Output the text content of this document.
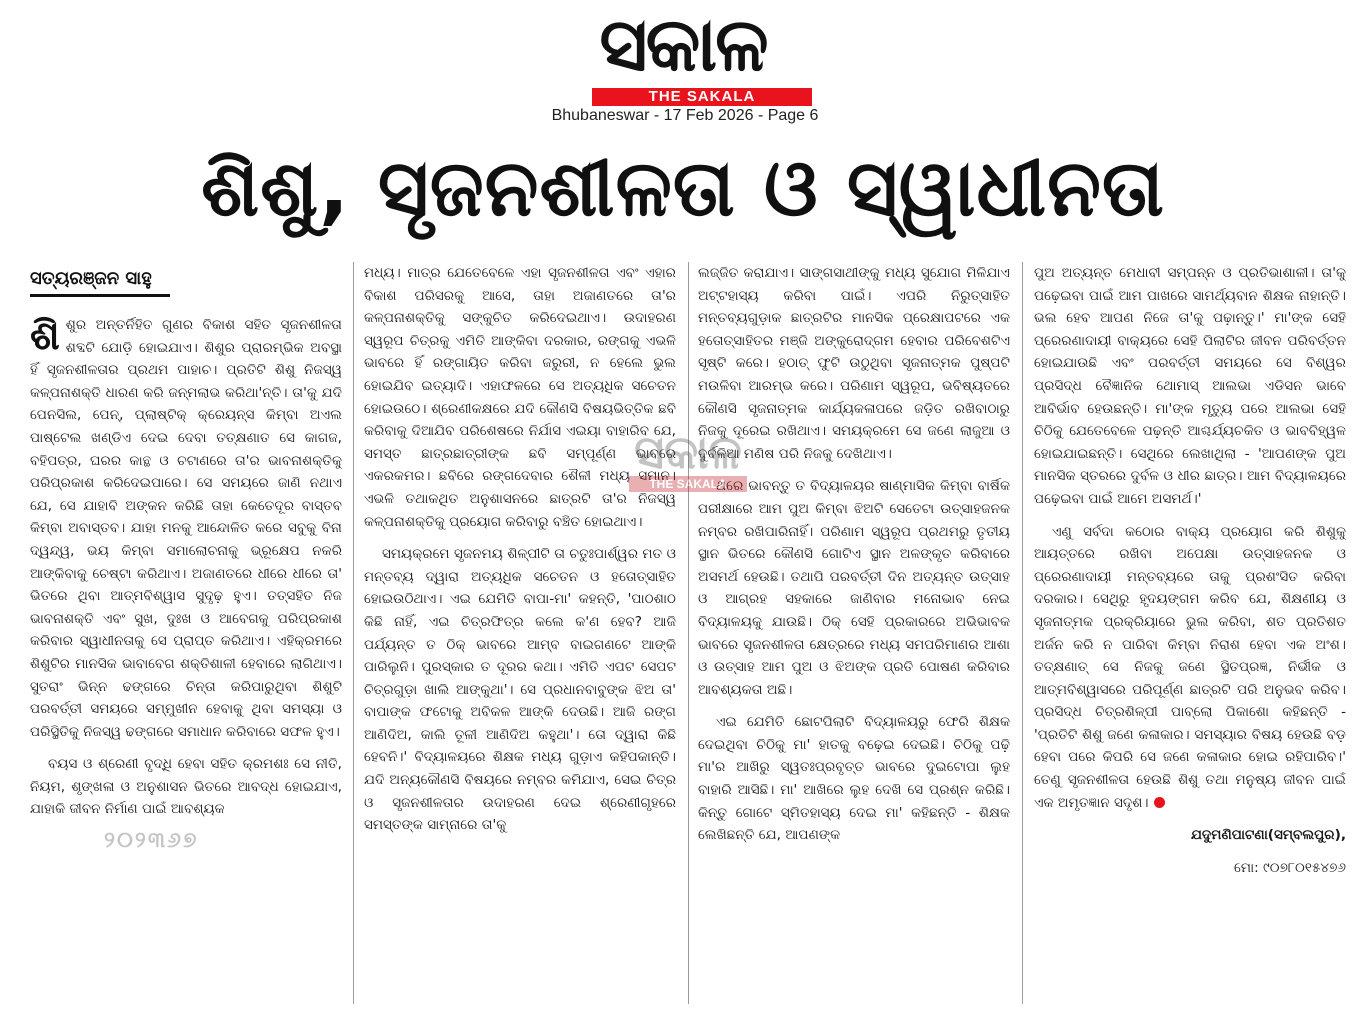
ସକାଳ
THE SAKALA
Bhubaneswar - 17 Feb 2026 - Page 6
ଶିଶୁ, ସୃଜନଶୀଳତା ଓ ସ୍ୱାଧୀନତା
ସତ୍ୟରଞ୍ଜନ ସାହୁ

ଶିଶୁର ଅନ୍ତର୍ନିହିତ ଗୁଣର ବିକାଶ ସହିତ ସୃଜନଶୀଳତା ଶବ୍ଦଟି ଯୋଡ଼ି ହୋଇଯାଏ। ଶିଶୁର ପ୍ରାରମ୍ଭିକ ଅବସ୍ଥା ହିଁ ସୃଜନଶୀଳତାର ପ୍ରଥମ ପାହାଚ। ପ୍ରତିଟି ଶିଶୁ ନିଜସ୍ୱ କଳ୍ପନାଶକ୍ତି ଧାରଣ କରି ଜନ୍ମଲାଭ କରିଥା'ନ୍ତି। ତା'କୁ ଯଦି ପେନସିଲ, ପେନ୍, ପ୍ଲାଷ୍ଟିକ୍ କ୍ରେୟନ୍ସ କିମ୍ବା ଅଏଲ ପାଷ୍ଟେଲ ଖଣ୍ଡିଏ ଦେଇ ଦେବା ତତ୍‌କ୍ଷଣାତ ସେ କାଗଜ, ବହିପତ୍ର, ଘରର କାନ୍ଥ ଓ ଚଟାଣରେ ତା'ର ଭାବନାଶକ୍ତିକୁ ପରିପ୍ରକାଶ କରିଦେଇପାରେ। ସେ ସମୟରେ ଜାଣି ନଥାଏ ଯେ, ସେ ଯାହାବି ଅଙ୍କନ କରିଛି ତାହା କେତେଦୂର ବାସ୍ତବ କିମ୍ବା ଅବାସ୍ତବ। ଯାହା ମନକୁ ଆନ୍ଦୋଳିତ କରେ ସବୁକୁ ବିନା ଦ୍ୱନ୍ଦ୍ୱ, ଭୟ କିମ୍ବା ସମାଲୋଚନାକୁ ଭ୍ରୂକ୍ଷେପ ନକରି ଆଙ୍କିବାକୁ ଚେଷ୍ଟା କରିଥାଏ। ଅଜାଣତରେ ଧୀରେ ଧୀରେ ତା' ଭିତରେ ଥିବା ଆତ୍ମବିଶ୍ୱାସ ସୁଦୃଢ଼ ହୁଏ। ତତ୍‌ସହିତ ନିଜ ଭାବନାଶକ୍ତି ଏବଂ ସୁଖ, ଦୁଃଖ ଓ ଆବେଗକୁ ପରିପ୍ରକାଶ କରିବାର ସ୍ୱାଧୀନତାକୁ ସେ ପ୍ରାପ୍ତ କରିଥାଏ। ଏହିକ୍ରମରେ ଶିଶୁଟିର ମାନସିକ ଭାବାବେଗ ଶକ୍ତିଶାଳୀ ହେବାରେ ଲାଗିଥାଏ। ସୁତରାଂ ଭିନ୍ନ ଢଙ୍ଗରେ ଚିନ୍ତା କରିପାରୁଥିବା ଶିଶୁଟି ପରବର୍ତ୍ତୀ ସମୟରେ ସମ୍ମୁଖୀନ ହେବାକୁ ଥିବା ସମସ୍ୟା ଓ ପରିସ୍ଥିତିକୁ ନିଜସ୍ୱ ଢଙ୍ଗରେ ସମାଧାନ କରିବାରେ ସଫଳ ହୁଏ।

ବୟସ ଓ ଶ୍ରେଣୀ ବୃଦ୍ଧି ହେବା ସହିତ କ୍ରମଶଃ ସେ ନୀତି, ନିୟମ, ଶୃଙ୍ଖଳା ଓ ଅନୁଶାସନ ଭିତରେ ଆବଦ୍ଧ ହୋଇଯାଏ, ଯାହାକି ଜୀବନ ନିର୍ମାଣ ପାଇଁ ଆବଶ୍ୟକ

ମଧ୍ୟ। ମାତ୍ର ଯେତେବେଳେ ଏହା ସୃଜନଶୀଳତା ଏବଂ ଏହାର ବିକାଶ ପରିସରକୁ ଆସେ, ତାହା ଅଜାଣତରେ ତା'ର କଳ୍ପନାଶକ୍ତିକୁ ସଙ୍କୁଚିତ କରିଦେଇଥାଏ। ଉଦାହରଣ ସ୍ୱରୂପ ଚିତ୍ରକୁ ଏମିତି ଆଙ୍କିବା ଦରକାର, ରଙ୍ଗକୁ ଏଭଳି ଭାବରେ ହିଁ ରଙ୍ଗାୟିତ କରିବା ଜରୁରୀ, ନ ହେଲେ ଭୁଲ ହୋଇଯିବ ଇତ୍ୟାଦି। ଏହାଫଳରେ ସେ ଅତ୍ୟଧିକ ସଚେତନ ହୋଇଉଠେ। ଶ୍ରେଣୀକକ୍ଷରେ ଯଦି କୌଣସି ବିଷୟଭିତ୍ତିକ ଛବି କରିବାକୁ ଦିଆଯିବ ପରିଶେଷରେ ନିର୍ଯାସ ଏଇୟା ବାହାରିବ ଯେ, ସମସ୍ତ ଛାତ୍ରଛାତ୍ରୀଙ୍କ ଛବି ସମ୍ପୂର୍ଣ୍ଣ ଭାବରେ ଏକରକମର। ଛବିରେ ରଙ୍ଗଦେବାର ଶୈଳୀ ମଧ୍ୟ ସମାନ। ଏଭଳି ତଥାକଥିତ ଅନୁଶାସନରେ ଛାତ୍ରଟି ତା'ର ନିଜସ୍ୱ କଳ୍ପନାଶକ୍ତିକୁ ପ୍ରୟୋଗ କରିବାରୁ ବଞ୍ଚିତ ହୋଇଥାଏ।

ସମୟକ୍ରମେ ସୃଜନମୟ ଶିଳ୍ପୀଟି ତା ଚତୁଃପାର୍ଶ୍ୱର ମତ ଓ ମନ୍ତବ୍ୟ ଦ୍ୱାରା ଅତ୍ୟଧିକ ସଚେତନ ଓ ହତୋତ୍ସାହିତ ହୋଇଉଠିଥାଏ। ଏଇ ଯେମିତି ବାପା-ମା' କହନ୍ତି, 'ପାଠଶାଠ କିଛି ନାହିଁ, ଏଇ ଚିତ୍ରଫିତ୍ର କଲେ କ'ଣ ହେବ? ଆଜି ପର୍ଯ୍ୟନ୍ତ ତ ଠିକ୍ ଭାବରେ ଆମ୍ବ ବାଇଗଣଟେ ଆଙ୍କି ପାରିଲୁନି। ପୁରସ୍କାର ତ ଦୂରର କଥା। ଏମିତି ଏପଟ ସେପଟ ଚିତ୍ରଗୁଡ଼ା ଖାଲି ଆଙ୍କୁଥା'। ସେ ପ୍ରଧାନବାବୁଙ୍କ ଝିଅ ତା' ବାପାଙ୍କ ଫଟୋକୁ ଅବିକଳ ଆଙ୍କି ଦେଉଛି। ଆଜି ରଙ୍ଗ ଆଣିଦିଅ, କାଲି ତୂଳୀ ଆଣିଦିଅ କହୁଥା'। ତୋ ଦ୍ୱାରା କିଛି ହେବନି।' ବିଦ୍ୟାଳୟରେ ଶିକ୍ଷକ ମଧ୍ୟ ଗୁଡ଼ାଏ କହିପକାନ୍ତି। ଯଦି ଅନ୍ୟକୌଣସି ବିଷୟରେ ନମ୍ବର କମିଯାଏ, ସେଇ ଚିତ୍ର ଓ ସୃଜନଶୀଳତାର ଉଦାହରଣ ଦେଇ ଶ୍ରେଣୀଗୃହରେ ସମସ୍ତଙ୍କ ସାମ୍ନାରେ ତା'କୁ

ଲଜ୍ଜିତ କରାଯାଏ। ସାଙ୍ଗସାଥୀଙ୍କୁ ମଧ୍ୟ ସୁଯୋଗ ମିଳିଯାଏ ଅଟ୍ଟହାସ୍ୟ କରିବା ପାଇଁ। ଏପରି ନିରୁତ୍ସାହିତ ମନ୍ତବ୍ୟଗୁଡ଼ାକ ଛାତ୍ରଟିର ମାନସିକ ପ୍ରେକ୍ଷାପଟରେ ଏକ ହତୋତ୍ସାହିତର ମଞ୍ଜି ଅଙ୍କୁରୋଦ୍‌ଗମ ହେବାର ପରିବେଶଟିଏ ସୃଷ୍ଟି କରେ। ହଠାତ୍ ଫୁଟି ଉଠୁଥିବା ସୃଜନାତ୍ମକ ପୁଷ୍ପଟି ମଉଳିବା ଆରମ୍ଭ କରେ। ପରିଣାମ ସ୍ୱରୂପ, ଭବିଷ୍ୟତରେ କୌଣସି ସୃଜନାତ୍ମକ କାର୍ଯ୍ୟକଳାପରେ ଜଡ଼ିତ ରଖିବାଠାରୁ ନିଜକୁ ଦୂରେଇ ରଖିଥାଏ। ସମୟକ୍ରମେ ସେ ଜଣେ ଲାଜୁଆ ଓ ଦୁର୍ବଳିଆ ମଣିଷ ପରି ନିଜକୁ ଦେଖିଥାଏ।

ଥରେ ଭାବନ୍ତୁ ତ ବିଦ୍ୟାଳୟର ଷାଣ୍ମାସିକ କିମ୍ବା ବାର୍ଷିକ ପରୀକ୍ଷାରେ ଆମ ପୁଅ କିମ୍ବା ଝିଅଟି ସେତେଟା ଉତ୍ସାହଜନକ ନମ୍ବର ରଖିପାରିନାହିଁ। ପରିଣାମ ସ୍ୱରୂପ ପ୍ରଥମରୁ ତୃତୀୟ ସ୍ଥାନ ଭିତରେ କୌଣସି ଗୋଟିଏ ସ୍ଥାନ ଅଳଙ୍କୃତ କରିବାରେ ଅସମର୍ଥ ହେଉଛି। ତଥାପି ପରବର୍ତ୍ତୀ ଦିନ ଅତ୍ୟନ୍ତ ଉତ୍ସାହ ଓ ଆଗ୍ରହ ସହକାରେ ଜାଣିବାର ମନୋଭାବ ନେଇ ବିଦ୍ୟାଳୟକୁ ଯାଉଛି। ଠିକ୍ ସେହି ପ୍ରକାରରେ ଅଭିଭାବକ ଭାବରେ ସୃଜନଶୀଳତା କ୍ଷେତ୍ରରେ ମଧ୍ୟ ସମପରିମାଣର ଆଶା ଓ ଉତ୍ସାହ ଆମ ପୁଅ ଓ ଝିଅଙ୍କ ପ୍ରତି ପୋଷଣ କରିବାର ଆବଶ୍ୟକତା ଅଛି।

ଏଇ ଯେମିତି ଛୋଟପିଲାଟି ବିଦ୍ୟାଳୟରୁ ଫେରି ଶିକ୍ଷକ ଦେଇଥିବା ଚିଠିକୁ ମା' ହାତକୁ ବଢ଼େଇ ଦେଇଛି। ଚିଠିକୁ ପଢ଼ି ମା'ର ଆଖିରୁ ସ୍ୱତଃପ୍ରବୃତ୍ତ ଭାବରେ ଦୁଇଟୋପା ଲୁହ ବାହାରି ଆସିଛି। ମା' ଆଖିରେ ଲୁହ ଦେଖି ସେ ପ୍ରଶ୍ନ କରିଛି। କିନ୍ତୁ ଗୋଟେ ସ୍ମିତହାସ୍ୟ ଦେଇ ମା' କହିଛନ୍ତି - ଶିକ୍ଷକ ଲେଖିଛନ୍ତି ଯେ, ଆପଣଙ୍କ

ପୁଅ ଅତ୍ୟନ୍ତ ମେଧାବୀ ସମ୍ପନ୍ନ ଓ ପ୍ରତିଭାଶାଳୀ। ତା'କୁ ପଢ଼େଇବା ପାଇଁ ଆମ ପାଖରେ ସାମର୍ଥ୍ୟବାନ ଶିକ୍ଷକ ନାହାନ୍ତି। ଭଲ ହେବ ଆପଣ ନିଜେ ତା'କୁ ପଢ଼ାନ୍ତୁ।' ମା'ଙ୍କ ସେହି ପ୍ରେରଣାଦାୟୀ ବାକ୍ୟରେ ସେହି ପିଲାଟିର ଜୀବନ ପରିବର୍ତ୍ତନ ହୋଇଯାଉଛି ଏବଂ ପରବର୍ତ୍ତୀ ସମୟରେ ସେ ବିଶ୍ୱର ପ୍ରସିଦ୍ଧ ବୈଜ୍ଞାନିକ ଥୋମାସ୍ ଆଲଭା ଏଡିସନ ଭାବେ ଆବିର୍ଭାବ ହେଉଛନ୍ତି। ମା'ଙ୍କ ମୃତ୍ୟୁ ପରେ ଆଲଭା ସେହି ଚିଠିକୁ ଯେତେବେଳେ ପଢ଼ନ୍ତି ଆଶ୍ଚର୍ଯ୍ୟଚକିତ ଓ ଭାବବିହ୍ୱଳ ହୋଇଯାଇଛନ୍ତି। ସେଥିରେ ଲେଖାଥିଲା - 'ଆପଣଙ୍କ ପୁଅ ମାନସିକ ସ୍ତରରେ ଦୁର୍ବଳ ଓ ଧୀର ଛାତ୍ର। ଆମ ବିଦ୍ୟାଳୟରେ ପଢ଼େଇବା ପାଇଁ ଆମେ ଅସମର୍ଥ।'

ଏଣୁ ସର୍ବଦା କଠୋର ବାକ୍ୟ ପ୍ରୟୋଗ କରି ଶିଶୁକୁ ଆୟତ୍ତରେ ରଖିବା ଅପେକ୍ଷା ଉତ୍ସାହଜନକ ଓ ପ୍ରେରଣାଦାୟୀ ମନ୍ତବ୍ୟରେ ତାକୁ ପ୍ରଶଂସିତ କରିବା ଦରକାର। ସେଥିରୁ ହୃଦୟଙ୍ଗମ କରିବ ଯେ, ଶିକ୍ଷଣୀୟ ଓ ସୃଜନାତ୍ମକ ପ୍ରକ୍ରିୟାରେ ଭୁଲ କରିବା, ଶତ ପ୍ରତିଶତ ଅର୍ଜନ କରି ନ ପାରିବା କିମ୍ବା ନିରାଶ ହେବା ଏକ ଅଂଶ। ତତ୍‌କ୍ଷଣାତ୍ ସେ ନିଜକୁ ଜଣେ ସ୍ଥିତପ୍ରଜ୍ଞ, ନିର୍ଭୀକ ଓ ଆତ୍ମବିଶ୍ୱାସରେ ପରିପୂର୍ଣ୍ଣ ଛାତ୍ରଟି ପରି ଅନୁଭବ କରିବ। ପ୍ରସିଦ୍ଧ ଚିତ୍ରଶିଳ୍ପୀ ପାବ୍ଲୋ ପିକାଶୋ କହିଛନ୍ତି - 'ପ୍ରତିଟି ଶିଶୁ ଜଣେ କଳାକାର। ସମସ୍ୟାର ବିଷୟ ହେଉଛି ବଡ଼ ହେବା ପରେ କିପରି ସେ ଜଣେ କଳାକାର ହୋଇ ରହିପାରିବ।' ତେଣୁ ସୃଜନଶୀଳତା ହେଉଛି ଶିଶୁ ତଥା ମନୁଷ୍ୟ ଜୀବନ ପାଇଁ ଏକ ଅମୃତଜ୍ଞାନ ସଦୃଶ।

ଯଦୁମଣିପାଟଣା(ସମ୍ବଲପୁର),

ମୋ: ୯୦୭୮୦୧୫୪୭୬

ସକାଳ
THE SAKALA
୨୦୨୩୬୭
